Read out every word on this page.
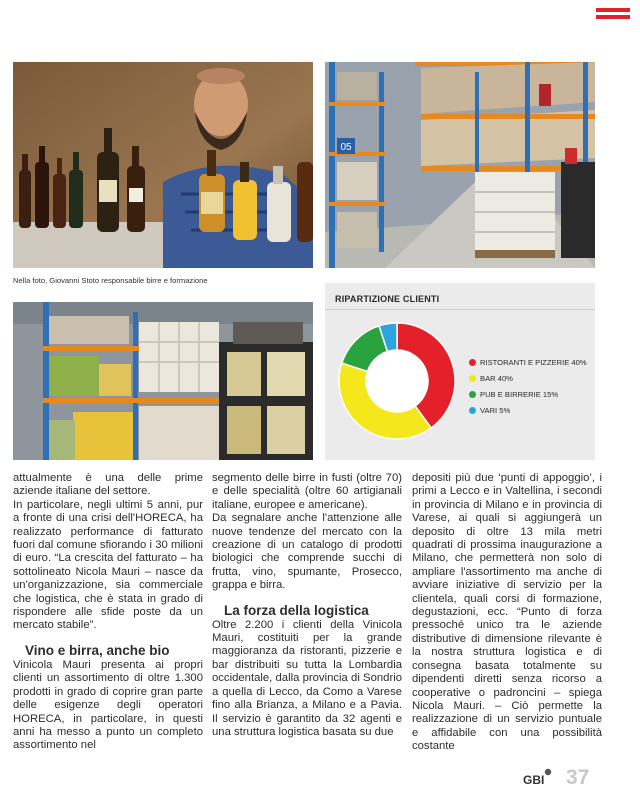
05
Nella foto, Giovanni Stoto responsabile birre e formazione
RIPARTIZIONE CLIENTI
RISTORANTI E PIZZERIE 40%
BAR 40%
PUB E BIRRERIE 15%
VARI 5%

attualmente è una delle prime aziende italiane del settore.

In particolare, negli ultimi 5 anni, pur a fronte di una crisi dell'HORECA, ha realizzato performance di fatturato fuori dal comune sfiorando i 30 milioni di euro. “La crescita del fatturato – ha sottolineato Nicola Mauri – nasce da un'organizzazione, sia commerciale che logistica, che è stata in grado di rispondere alle sfide poste da un mercato stabile”.

Vino e birra, anche bio

Vinicola Mauri presenta ai propri clienti un assortimento di oltre 1.300 prodotti in grado di coprire gran parte delle esigenze degli operatori HORECA, in particolare, in questi anni ha messo a punto un completo assortimento nel

segmento delle birre in fusti (oltre 70) e delle specialità (oltre 60 artigianali italiane, europee e americane).

Da segnalare anche l'attenzione alle nuove tendenze del mercato con la creazione di un catalogo di prodotti biologici che comprende succhi di frutta, vino, spumante, Prosecco, grappa e birra.

La forza della logistica

Oltre 2.200 i clienti della Vinicola Mauri, costituiti per la grande maggioranza da ristoranti, pizzerie e bar distribuiti su tutta la Lombardia occidentale, dalla provincia di Sondrio a quella di Lecco, da Como a Varese fino alla Brianza, a Milano e a Pavia. Il servizio è garantito da 32 agenti e una struttura logistica basata su due

depositi più due ‘punti di appoggio’, i primi a Lecco e in Valtellina, i secondi in provincia di Milano e in provincia di Varese, ai quali si aggiungerà un deposito di oltre 13 mila metri quadrati di prossima inaugurazione a Milano, che permetterà non solo di ampliare l'assortimento ma anche di avviare iniziative di servizio per la clientela, quali corsi di formazione, degustazioni, ecc. “Punto di forza pressoché unico tra le aziende distributive di dimensione rilevante è la nostra struttura logistica e di consegna basata totalmente su dipendenti diretti senza ricorso a cooperative o padroncini – spiega Nicola Mauri. – Ciò permette la realizzazione di un servizio puntuale e affidabile con una possibilità costante

GBI 37
